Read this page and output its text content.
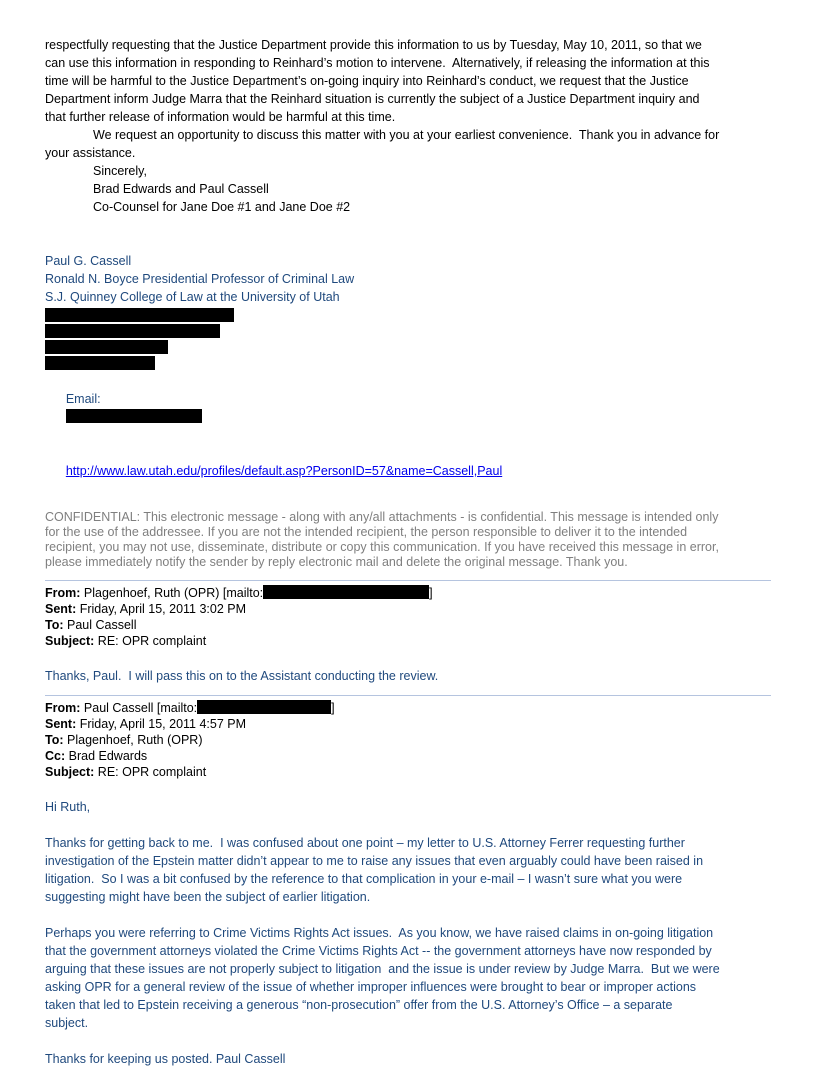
respectfully requesting that the Justice Department provide this information to us by Tuesday, May 10, 2011, so that we
can use this information in responding to Reinhard’s motion to intervene.  Alternatively, if releasing the information at this
time will be harmful to the Justice Department’s on-going inquiry into Reinhard’s conduct, we request that the Justice
Department inform Judge Marra that the Reinhard situation is currently the subject of a Justice Department inquiry and
that further release of information would be harmful at this time.
We request an opportunity to discuss this matter with you at your earliest convenience.  Thank you in advance for
your assistance.
Sincerely,
Brad Edwards and Paul Cassell
Co-Counsel for Jane Doe #1 and Jane Doe #2
Paul G. Cassell
Ronald N. Boyce Presidential Professor of Criminal Law
S.J. Quinney College of Law at the University of Utah

Email:

http://www.law.utah.edu/profiles/default.asp?PersonID=57&name=Cassell,Paul

CONFIDENTIAL: This electronic message - along with any/all attachments - is confidential. This message is intended only
for the use of the addressee. If you are not the intended recipient, the person responsible to deliver it to the intended
recipient, you may not use, disseminate, distribute or copy this communication. If you have received this message in error,
please immediately notify the sender by reply electronic mail and delete the original message. Thank you.
From: Plagenhoef, Ruth (OPR) [mailto:	]
Sent: Friday, April 15, 2011 3:02 PM
To: Paul Cassell
Subject: RE: OPR complaint
Thanks, Paul.  I will pass this on to the Assistant conducting the review.
From: Paul Cassell [mailto:	]
Sent: Friday, April 15, 2011 4:57 PM
To: Plagenhoef, Ruth (OPR)
Cc: Brad Edwards
Subject: RE: OPR complaint
Hi Ruth,
Thanks for getting back to me.  I was confused about one point – my letter to U.S. Attorney Ferrer requesting further
investigation of the Epstein matter didn’t appear to me to raise any issues that even arguably could have been raised in
litigation.  So I was a bit confused by the reference to that complication in your e-mail – I wasn’t sure what you were
suggesting might have been the subject of earlier litigation.
Perhaps you were referring to Crime Victims Rights Act issues.  As you know, we have raised claims in on-going litigation
that the government attorneys violated the Crime Victims Rights Act -- the government attorneys have now responded by
arguing that these issues are not properly subject to litigation  and the issue is under review by Judge Marra.  But we were
asking OPR for a general review of the issue of whether improper influences were brought to bear or improper actions
taken that led to Epstein receiving a generous “non-prosecution” offer from the U.S. Attorney’s Office – a separate
subject.
Thanks for keeping us posted. Paul Cassell
